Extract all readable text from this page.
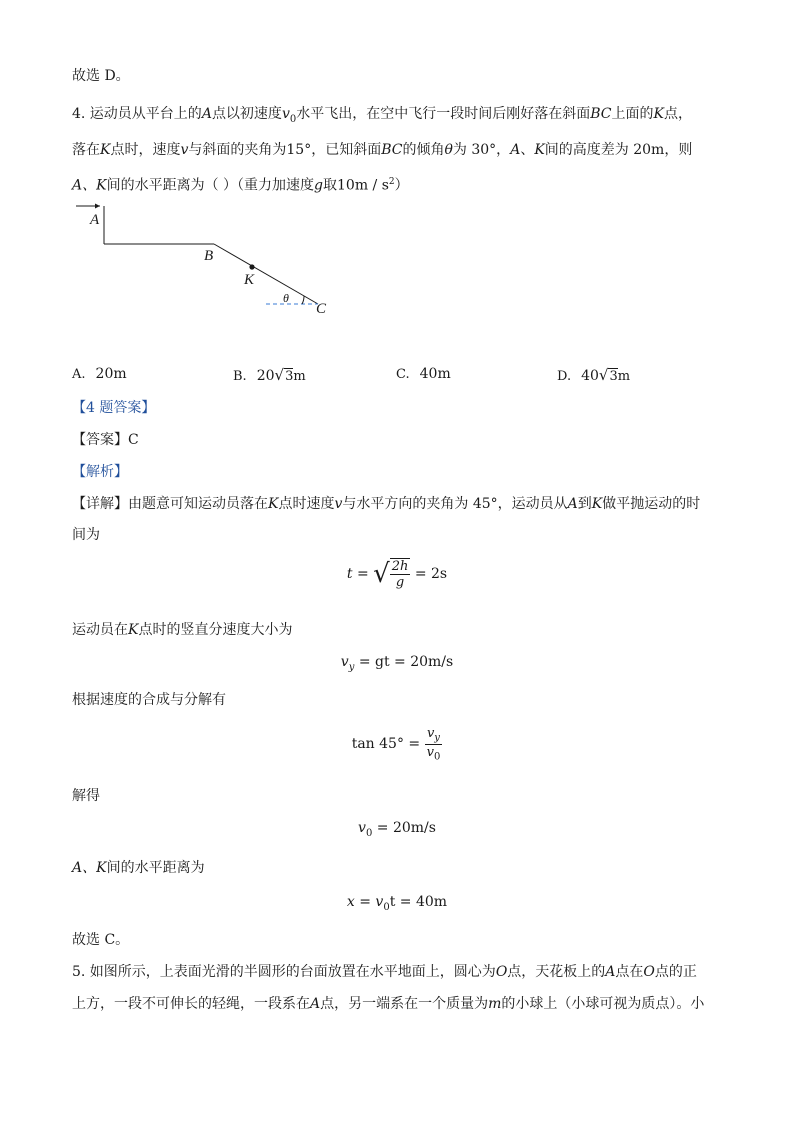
故选 D。
4. 运动员从平台上的A点以初速度$v_0$水平飞出，在空中飞行一段时间后刚好落在斜面BC上面的K点，
落在K点时，速度v与斜面的夹角为15°，已知斜面BC的倾角θ为 30°，A、K间的高度差为 20m，则
A、K间的水平距离为（ ）（重力加速度g取$10m / s^2$）
A
B
K
θ
C
A. 20m	B. 20√3m	C. 40m	D. 40√3m
【4 题答案】
【答案】C
【解析】
【详解】由题意可知运动员落在K点时速度v与水平方向的夹角为 45°，运动员从A到K做平抛运动的时
间为
t = √ $\frac{2h}{g} = 2s$
运动员在K点时的竖直分速度大小为
$v_y$ = gt = 20m/s
根据速度的合成与分解有
$\tan 45^\circ = \frac{v_y}{v_0}$
解得
$v_0 = 20m/s$
A、K间的水平距离为
$x = v_0t = 40m$
故选 C。
5. 如图所示，上表面光滑的半圆形的台面放置在水平地面上，圆心为O点，天花板上的A点在O点的正
上方，一段不可伸长的轻绳，一段系在A点，另一端系在一个质量为m的小球上（小球可视为质点）。小
